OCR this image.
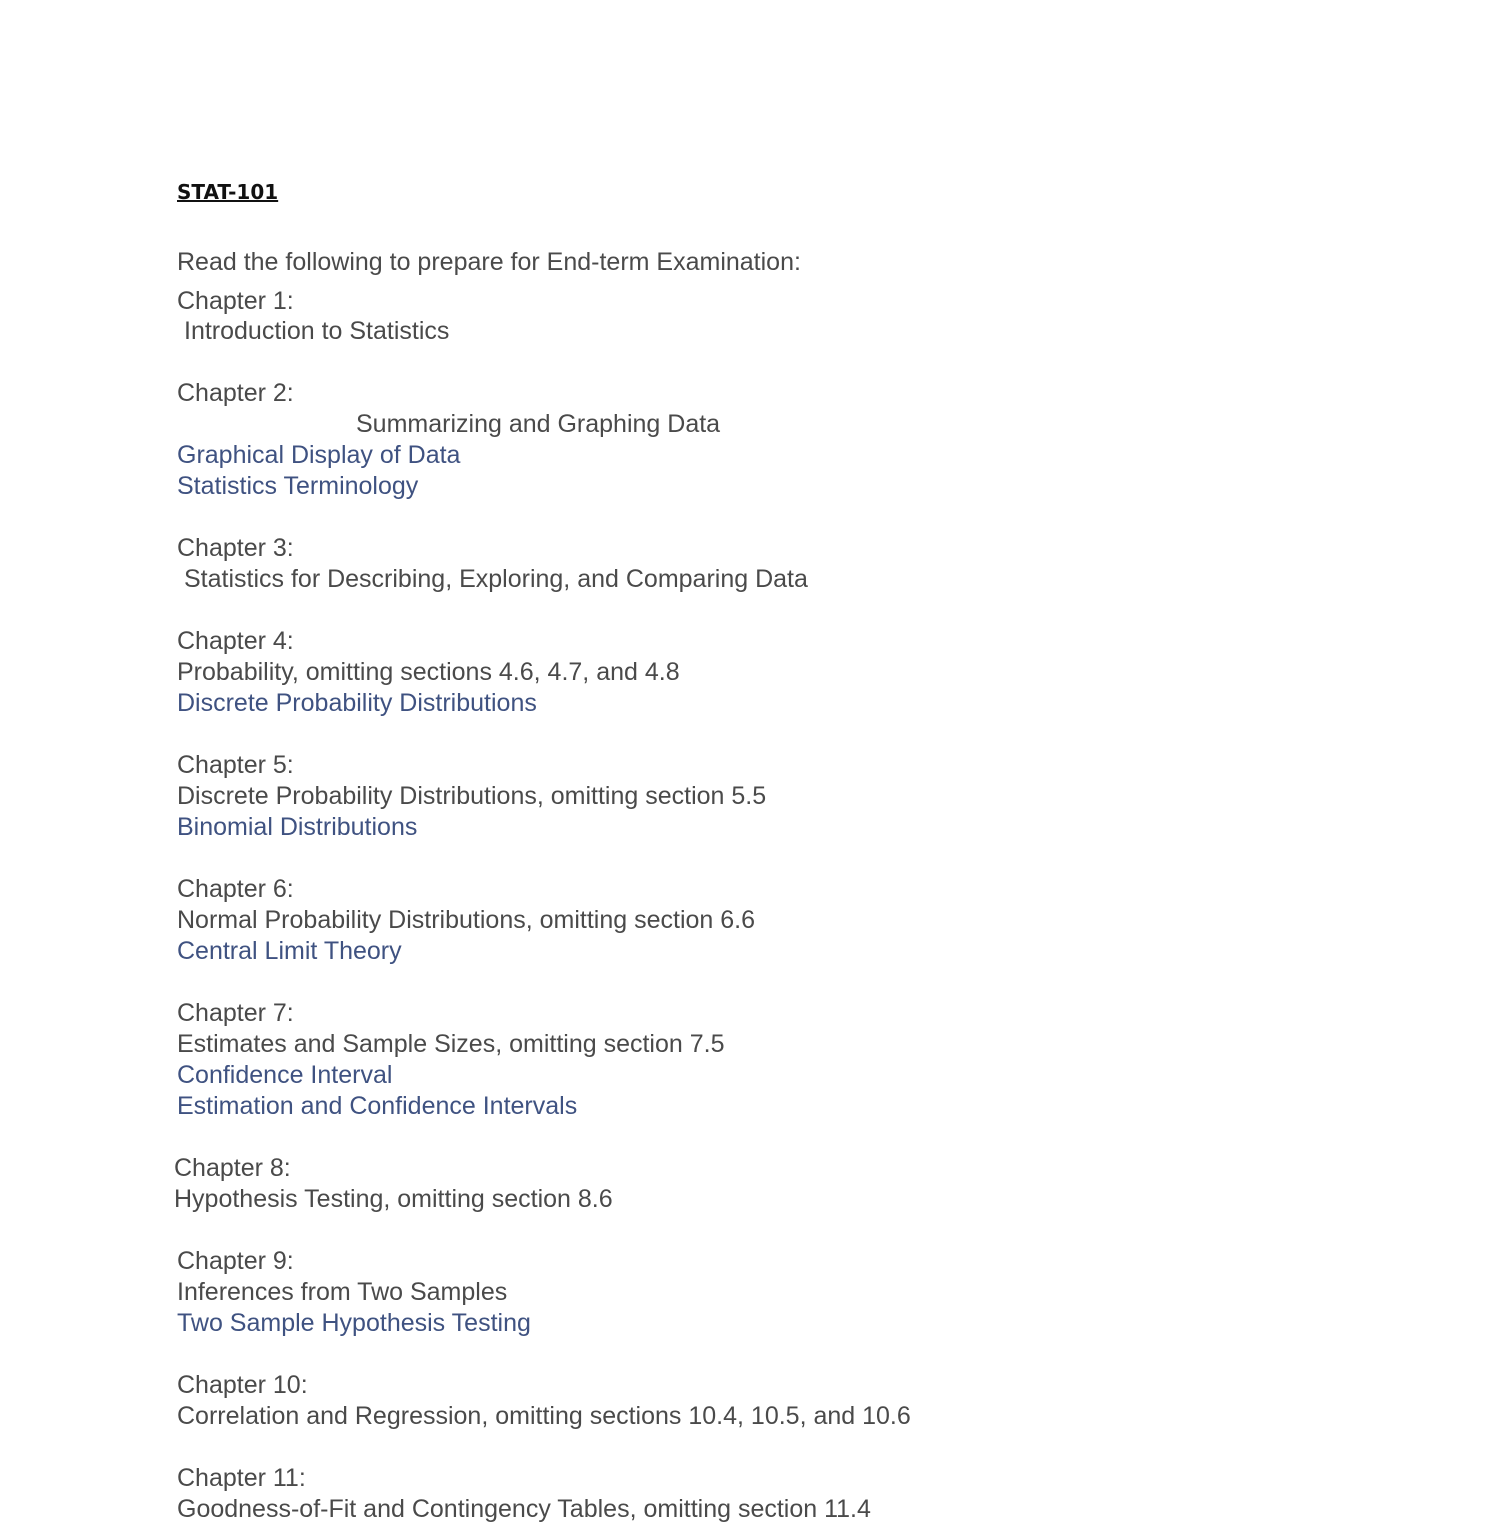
STAT-101
Read the following to prepare for End-term Examination:
Chapter 1:
Introduction to Statistics
Chapter 2:
Summarizing and Graphing Data
Graphical Display of Data
Statistics Terminology
Chapter 3:
Statistics for Describing, Exploring, and Comparing Data
Chapter 4:
Probability, omitting sections 4.6, 4.7, and 4.8
Discrete Probability Distributions
Chapter 5:
Discrete Probability Distributions, omitting section 5.5
Binomial Distributions
Chapter 6:
Normal Probability Distributions, omitting section 6.6
Central Limit Theory
Chapter 7:
Estimates and Sample Sizes, omitting section 7.5
Confidence Interval
Estimation and Confidence Intervals
Chapter 8:
Hypothesis Testing, omitting section 8.6
Chapter 9:
Inferences from Two Samples
Two Sample Hypothesis Testing
Chapter 10:
Correlation and Regression, omitting sections 10.4, 10.5, and 10.6
Chapter 11:
Goodness-of-Fit and Contingency Tables, omitting section 11.4
